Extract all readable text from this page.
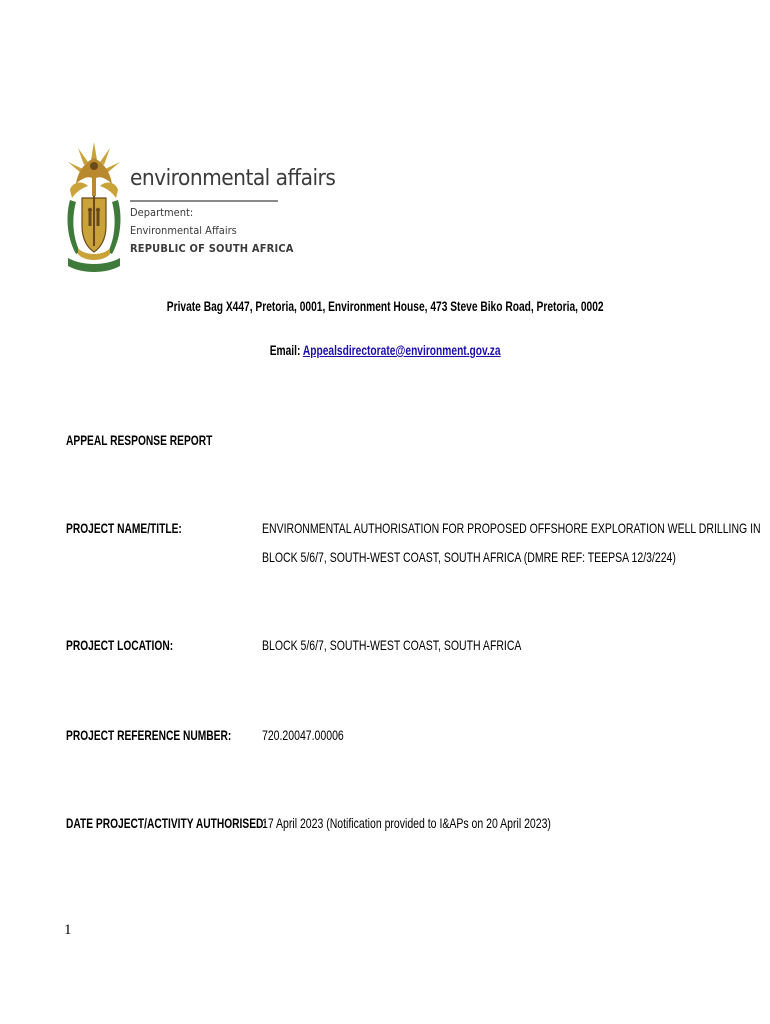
environmental affairs
Department:
Environmental Affairs
REPUBLIC OF SOUTH AFRICA
Private Bag X447, Pretoria, 0001, Environment House, 473 Steve Biko Road, Pretoria, 0002
Email: Appealsdirectorate@environment.gov.za
APPEAL RESPONSE REPORT
PROJECT NAME/TITLE:	ENVIRONMENTAL AUTHORISATION FOR PROPOSED OFFSHORE EXPLORATION WELL DRILLING IN
BLOCK 5/6/7, SOUTH-WEST COAST, SOUTH AFRICA (DMRE REF: TEEPSA 12/3/224)
PROJECT LOCATION:	BLOCK 5/6/7, SOUTH-WEST COAST, SOUTH AFRICA
PROJECT REFERENCE NUMBER:	720.20047.00006
DATE PROJECT/ACTIVITY AUTHORISED:
17 April 2023 (Notification provided to I&APs on 20 April 2023)
1
